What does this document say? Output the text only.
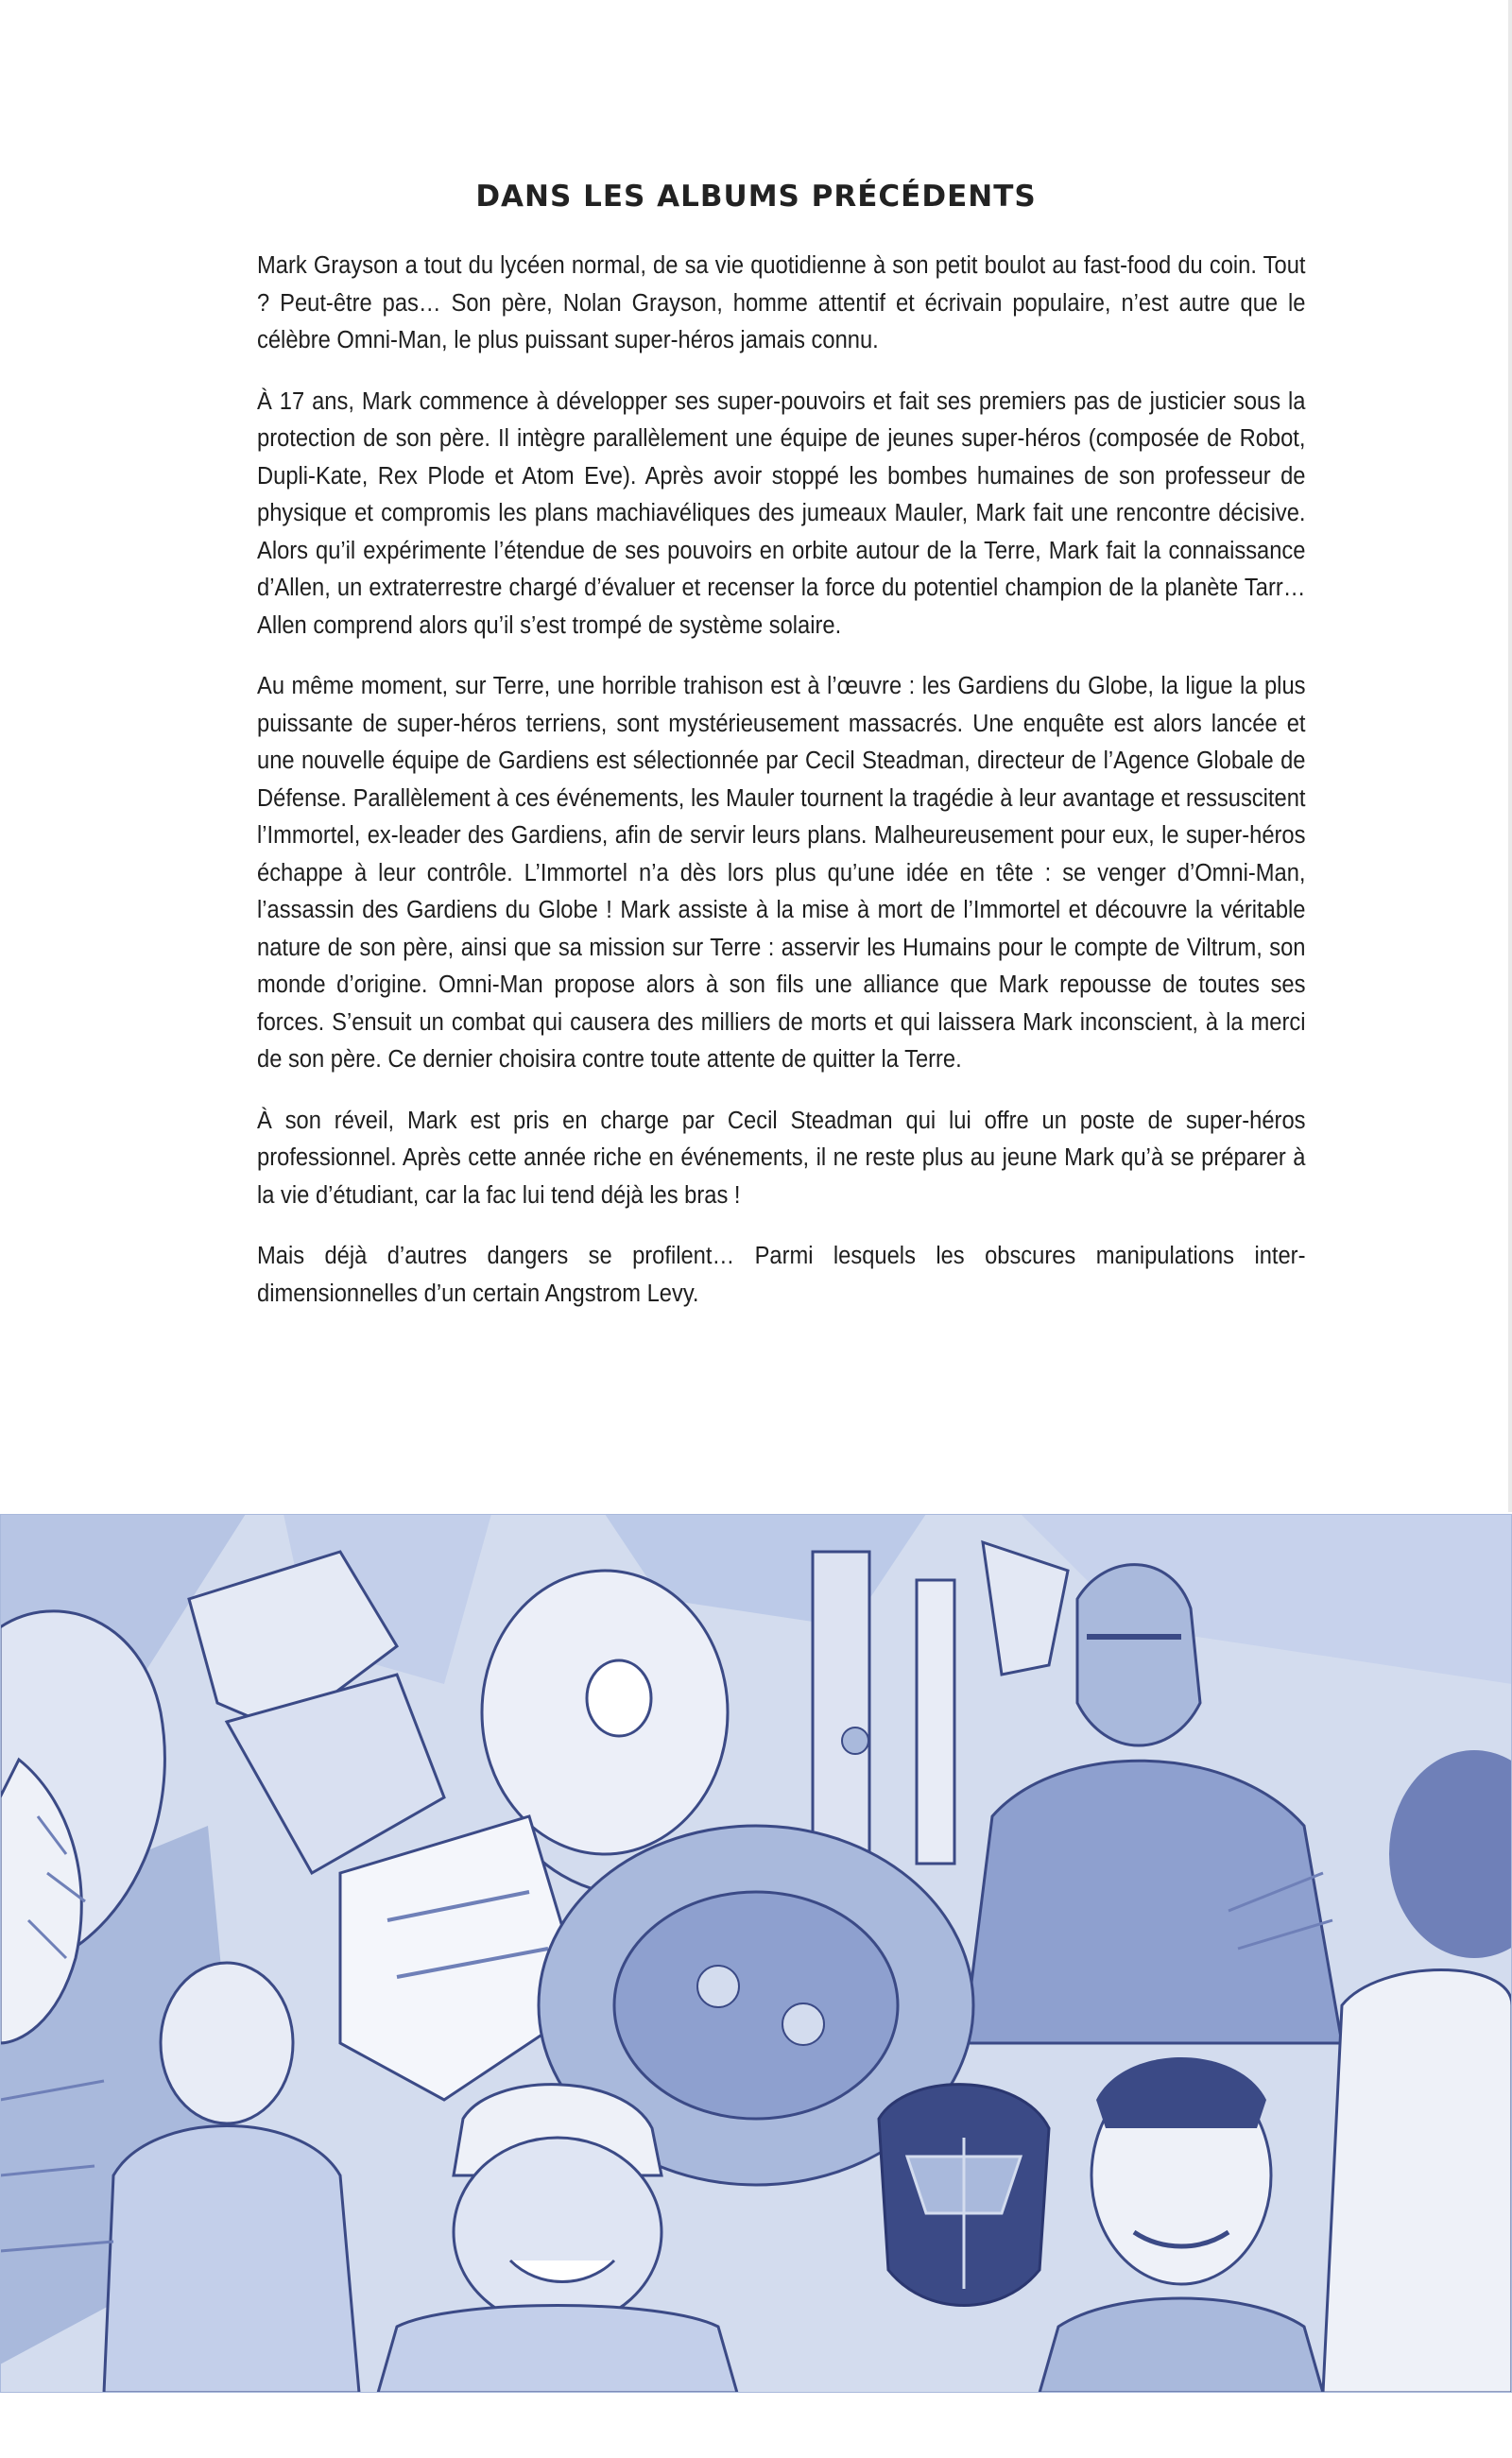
DANS LES ALBUMS PRÉCÉDENTS

Mark Grayson a tout du lycéen normal, de sa vie quotidienne à son petit boulot au fast-food du coin. Tout ? Peut-être pas… Son père, Nolan Grayson, homme attentif et écrivain populaire, n’est autre que le célèbre Omni-Man, le plus puissant super-héros jamais connu.

À 17 ans, Mark commence à développer ses super-pouvoirs et fait ses premiers pas de justicier sous la protection de son père. Il intègre parallèlement une équipe de jeunes super-héros (composée de Robot, Dupli-Kate, Rex Plode et Atom Eve). Après avoir stoppé les bombes humaines de son professeur de physique et compromis les plans machiavéliques des jumeaux Mauler, Mark fait une rencontre décisive. Alors qu’il expérimente l’étendue de ses pouvoirs en orbite autour de la Terre, Mark fait la connaissance d’Allen, un extraterrestre chargé d’évaluer et recenser la force du potentiel champion de la planète Tarr… Allen comprend alors qu’il s’est trompé de système solaire.

Au même moment, sur Terre, une horrible trahison est à l’œuvre : les Gardiens du Globe, la ligue la plus puissante de super-héros terriens, sont mystérieusement massacrés. Une enquête est alors lancée et une nouvelle équipe de Gardiens est sélectionnée par Cecil Steadman, directeur de l’Agence Globale de Défense. Parallèlement à ces événements, les Mauler tournent la tragédie à leur avantage et ressuscitent l’Immortel, ex-leader des Gardiens, afin de servir leurs plans. Malheureusement pour eux, le super-héros échappe à leur contrôle. L’Immortel n’a dès lors plus qu’une idée en tête : se venger d’Omni-Man, l’assassin des Gardiens du Globe ! Mark assiste à la mise à mort de l’Immortel et découvre la véritable nature de son père, ainsi que sa mission sur Terre : asservir les Humains pour le compte de Viltrum, son monde d’origine. Omni-Man propose alors à son fils une alliance que Mark repousse de toutes ses forces. S’ensuit un combat qui causera des milliers de morts et qui laissera Mark inconscient, à la merci de son père. Ce dernier choisira contre toute attente de quitter la Terre.

À son réveil, Mark est pris en charge par Cecil Steadman qui lui offre un poste de super-héros professionnel. Après cette année riche en événements, il ne reste plus au jeune Mark qu’à se préparer à la vie d’étudiant, car la fac lui tend déjà les bras !

Mais déjà d’autres dangers se profilent… Parmi lesquels les obscures manipulations inter-dimensionnelles d’un certain Angstrom Levy.
